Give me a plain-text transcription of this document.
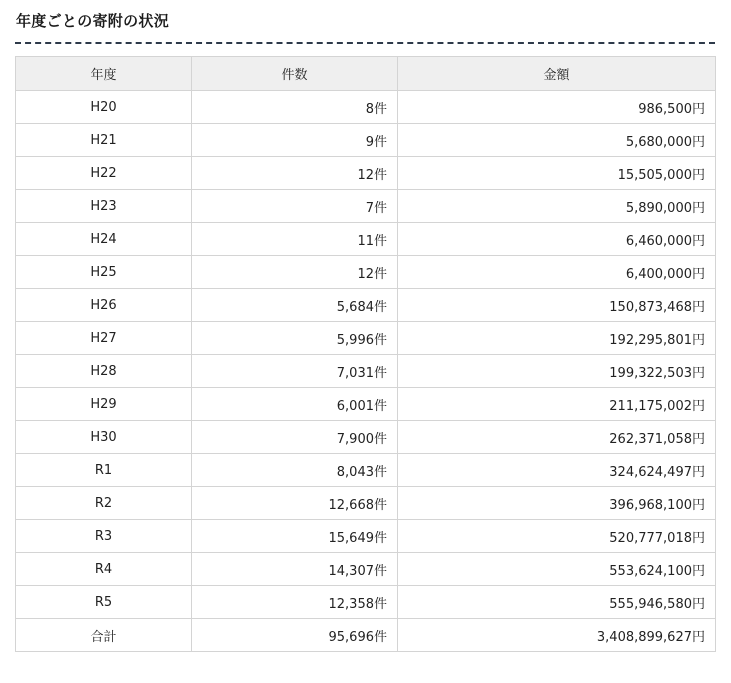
年度ごとの寄附の状況
年度	件数	金額
H20	8件	986,500円
H21	9件	5,680,000円
H22	12件	15,505,000円
H23	7件	5,890,000円
H24	11件	6,460,000円
H25	12件	6,400,000円
H26	5,684件	150,873,468円
H27	5,996件	192,295,801円
H28	7,031件	199,322,503円
H29	6,001件	211,175,002円
H30	7,900件	262,371,058円
R1	8,043件	324,624,497円
R2	12,668件	396,968,100円
R3	15,649件	520,777,018円
R4	14,307件	553,624,100円
R5	12,358件	555,946,580円
合計	95,696件	3,408,899,627円
